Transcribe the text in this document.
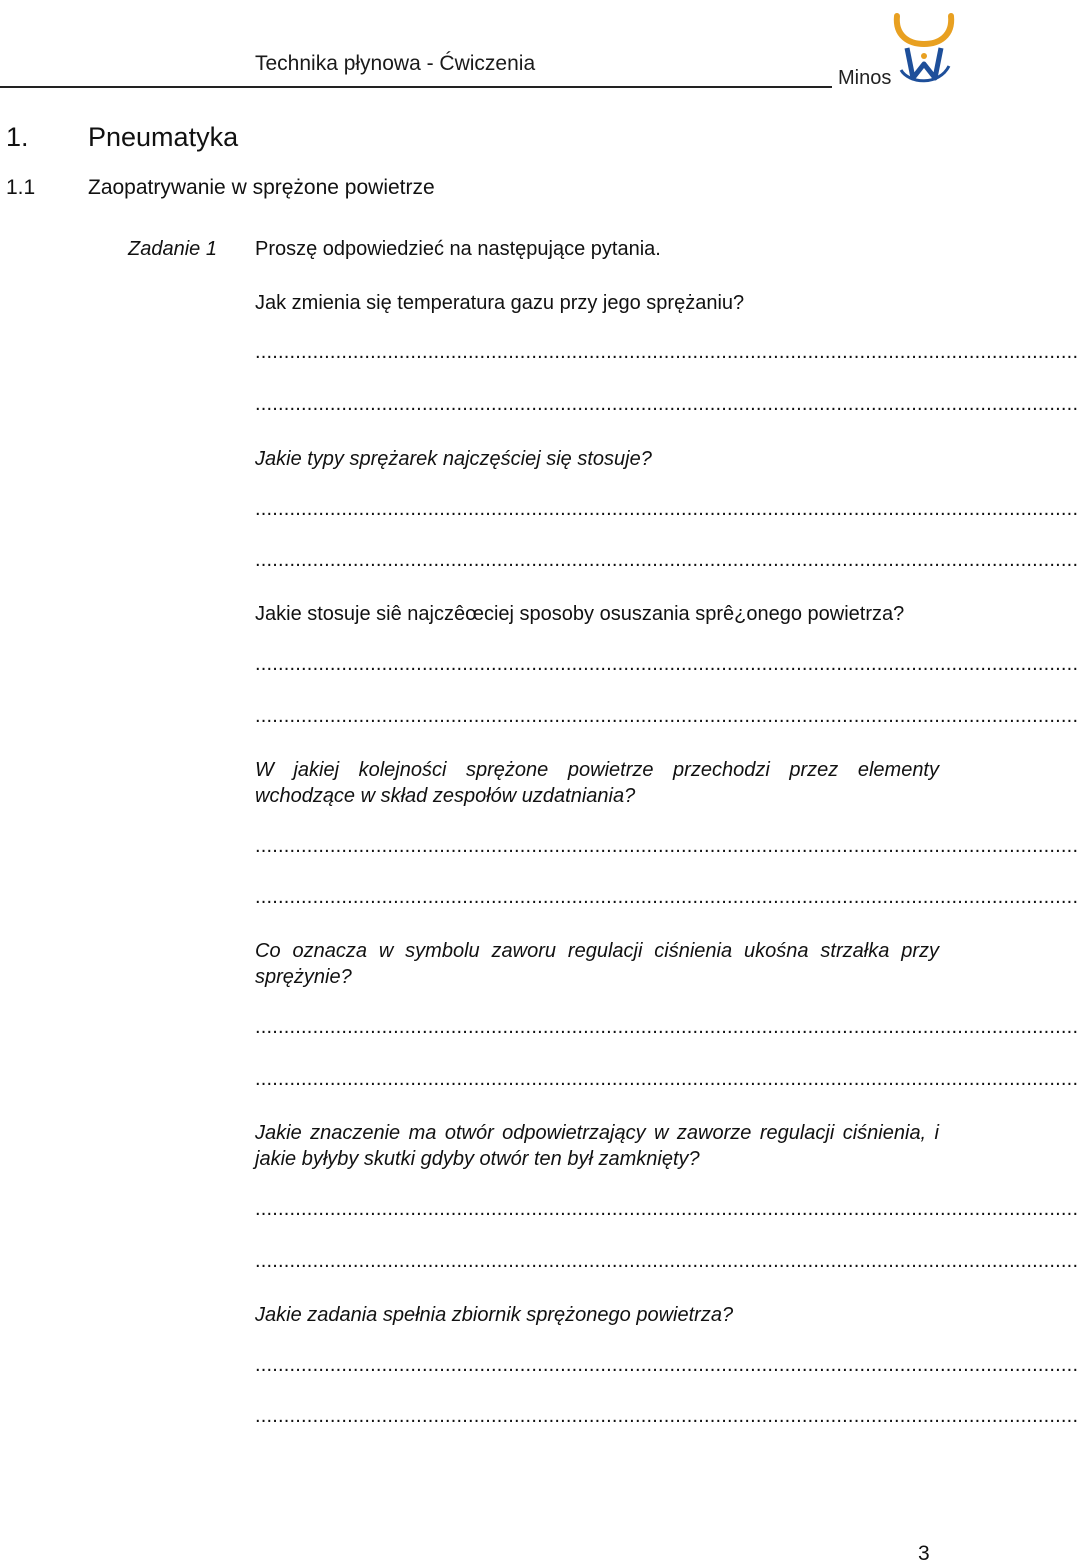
Technika płynowa - Ćwiczenia
Minos
1. Pneumatyka
1.1	Zaopatrywanie w sprężone powietrze
Zadanie 1 Proszę odpowiedzieć na następujące pytania.
Jak zmienia się temperatura gazu przy jego sprężaniu?
...............................................................................................................................................
...............................................................................................................................................
Jakie typy sprężarek najczęściej się stosuje?
...............................................................................................................................................
...............................................................................................................................................
Jakie stosuje siê najczêœciej sposoby osuszania sprê¿onego powietrza?
...............................................................................................................................................
...............................................................................................................................................
W jakiej kolejności sprężone powietrze przechodzi przez elementy wchodzące w skład zespołów uzdatniania?
...............................................................................................................................................
...............................................................................................................................................
Co oznacza w symbolu zaworu regulacji ciśnienia ukośna strzałka przy sprężynie?
...............................................................................................................................................
...............................................................................................................................................
Jakie znaczenie ma otwór odpowietrzający w zaworze regulacji ciśnienia, i jakie byłyby skutki gdyby otwór ten był zamknięty?
...............................................................................................................................................
...............................................................................................................................................
Jakie zadania spełnia zbiornik sprężonego powietrza?
...............................................................................................................................................
...............................................................................................................................................
3
